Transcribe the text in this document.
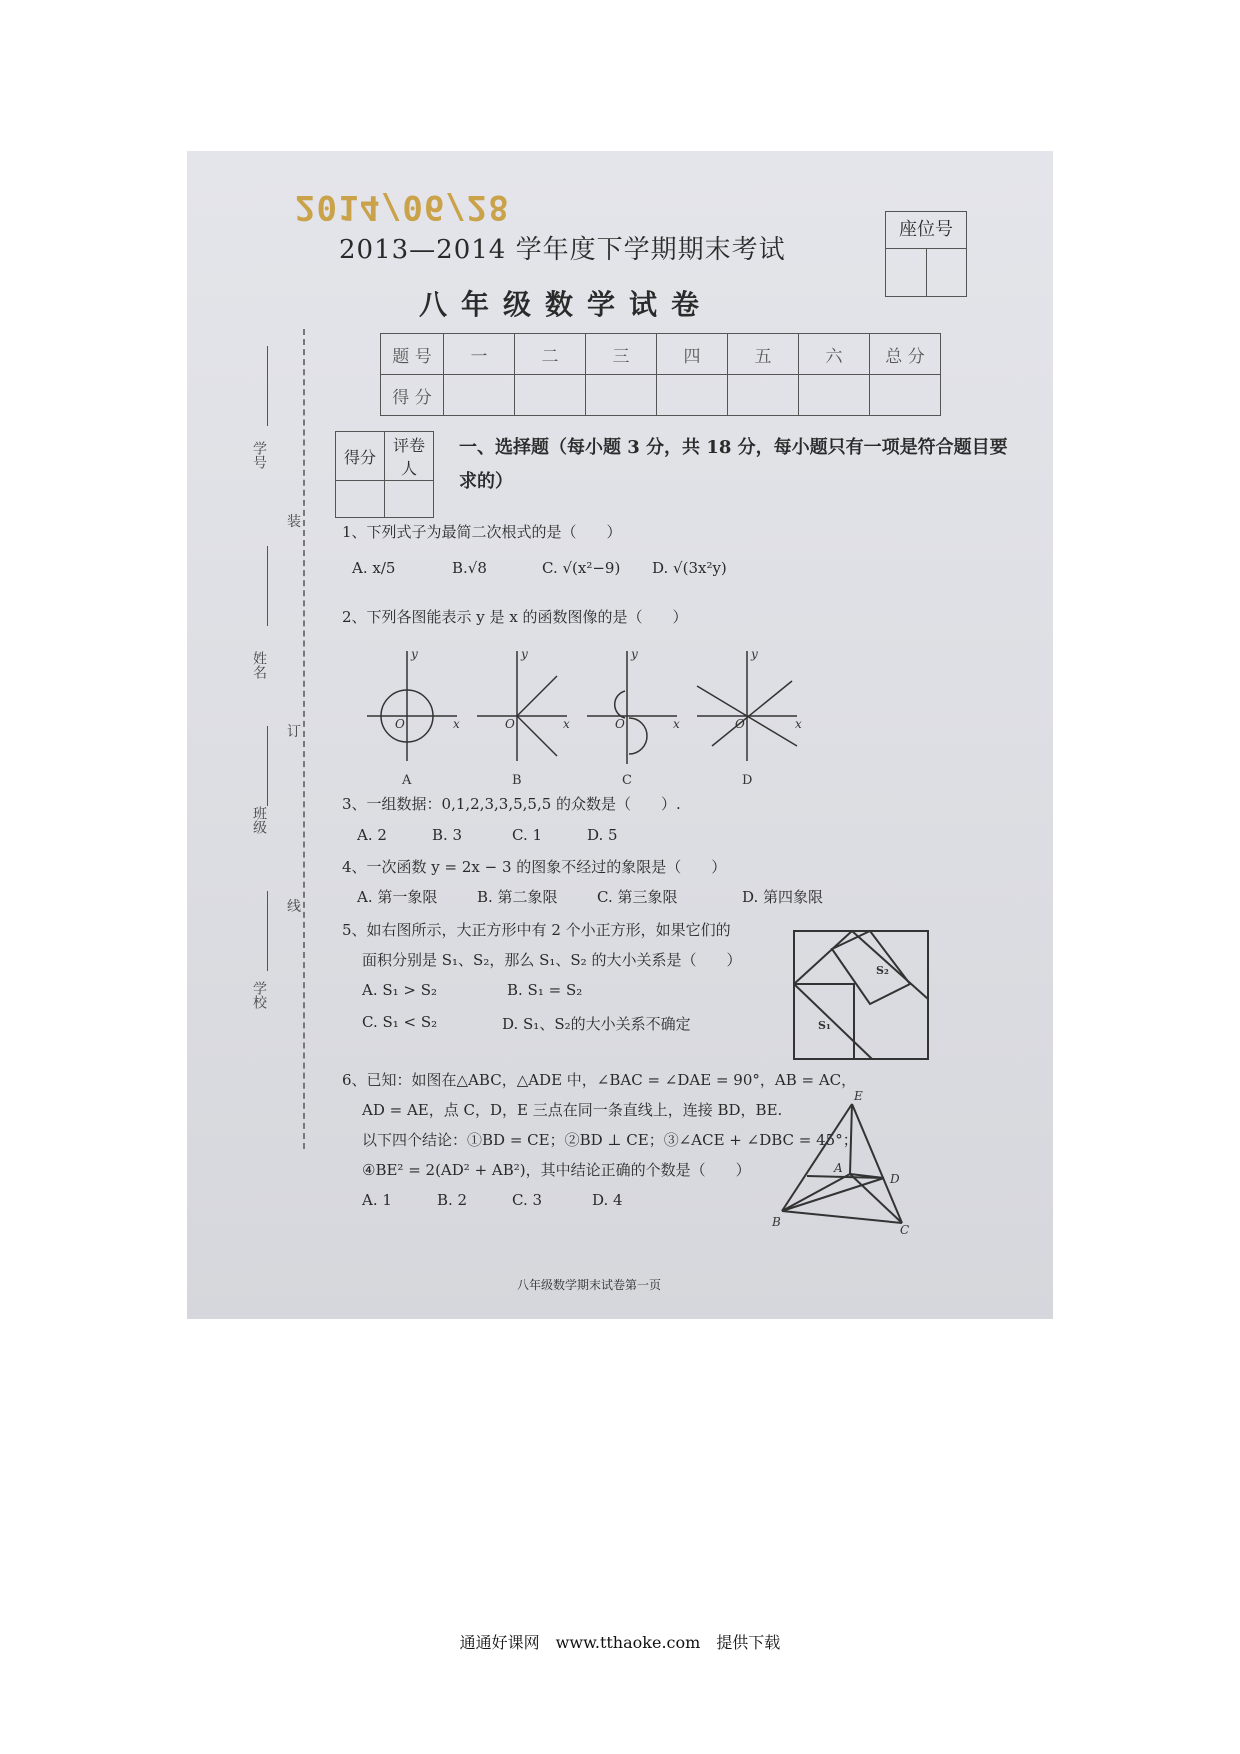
2014/06/28
座位号
2013—2014 学年度下学期期末考试
八年级数学试卷
题 号	一	二	三	四	五	六	总 分
得 分							
得分	评卷人

一、选择题（每小题 3 分，共 18 分，每小题只有一项是符合题目要求的）
装
订
线
学号
姓名
班级
学校
1、下列式子为最简二次根式的是（　　）
A. x/5	B.√8	C. √(x²−9) D. √(3x²y)
2、下列各图能表示 y 是 x 的函数图像的是（　　）
y
x
O
y
x
O
y
x
O
y
x
O
A	B	C	D
3、一组数据：0,1,2,3,3,5,5,5 的众数是（　　）.
A. 2	B. 3	C. 1	D. 5
4、一次函数 y = 2x − 3 的图象不经过的象限是（　　）
A. 第一象限	B. 第二象限	C. 第三象限	D. 第四象限
5、如右图所示，大正方形中有 2 个小正方形，如果它们的
面积分别是 S₁、S₂，那么 S₁、S₂ 的大小关系是（　　）
A. S₁ > S₂	B. S₁ = S₂
C. S₁ < S₂	D. S₁、S₂的大小关系不确定
S₂
S₁
6、已知：如图在△ABC，△ADE 中，∠BAC = ∠DAE = 90°，AB = AC，
AD = AE，点 C，D，E 三点在同一条直线上，连接 BD，BE.
以下四个结论：①BD = CE；②BD ⊥ CE；③∠ACE + ∠DBC = 45°；
④BE² = 2(AD² + AB²)，其中结论正确的个数是（　　）
A. 1	B. 2	C. 3	D. 4
E
A
D
B
C
八年级数学期末试卷第一页
通通好课网　www.tthaoke.com　提供下载
